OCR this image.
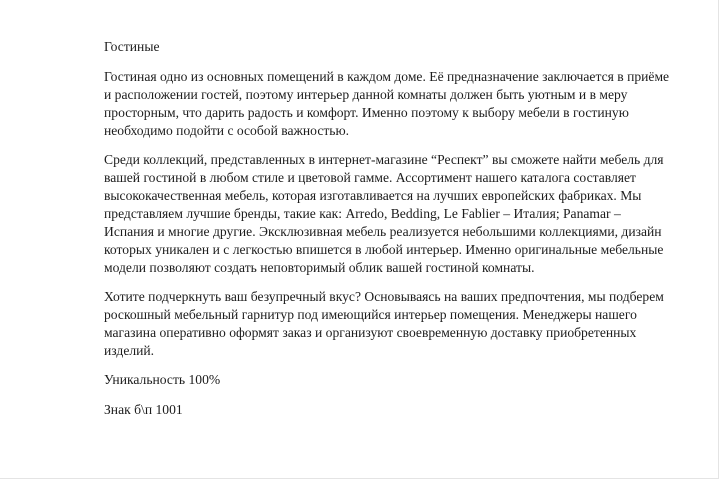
Гостиные

Гостиная одно из основных помещений в каждом доме. Её предназначение заключается в приёме и расположении гостей, поэтому интерьер данной комнаты должен быть уютным и в меру просторным, что дарить радость и комфорт. Именно поэтому к выбору мебели в гостиную необходимо подойти с особой важностью.

Среди коллекций, представленных в интернет-магазине “Респект” вы сможете найти мебель для вашей гостиной в любом стиле и цветовой гамме. Ассортимент нашего каталога составляет высококачественная мебель, которая изготавливается на лучших европейских фабриках. Мы представляем лучшие бренды, такие как: Arredo, Bedding, Le Fablier – Италия; Panamar – Испания и многие другие. Эксклюзивная мебель реализуется небольшими коллекциями, дизайн которых уникален и с легкостью впишется в любой интерьер. Именно оригинальные мебельные модели позволяют создать неповторимый облик вашей гостиной комнаты.

Хотите подчеркнуть ваш безупречный вкус? Основываясь на ваших предпочтения, мы подберем роскошный мебельный гарнитур под имеющийся интерьер помещения. Менеджеры нашего магазина оперативно оформят заказ и организуют своевременную доставку приобретенных изделий.

Уникальность 100%

Знак б\п 1001
